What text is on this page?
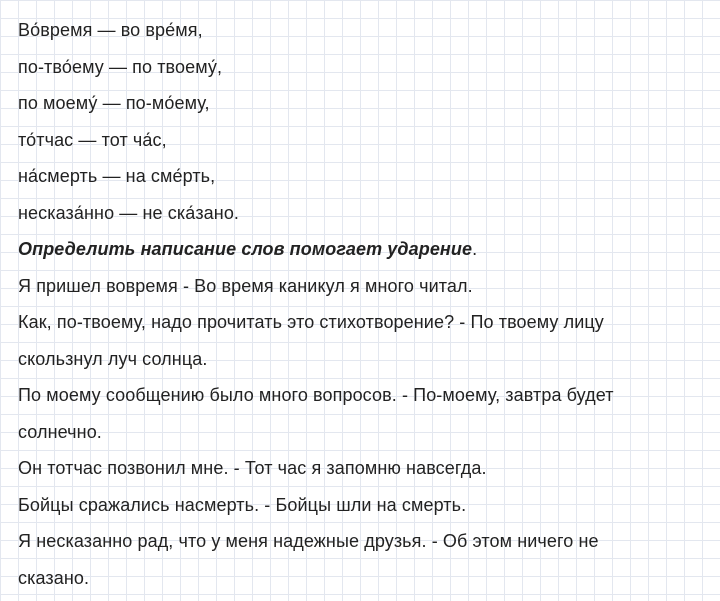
Во́время — во вре́мя,
по-тво́ему — по твоему́,
по моему́ — по-мо́ему,
то́тчас — тот ча́с,
на́смерть — на сме́рть,
несказа́нно — не ска́зано.
Определить написание слов помогает ударение.
Я пришел вовремя - Во время каникул я много читал.
Как, по-твоему, надо прочитать это стихотворение? - По твоему лицу
скользнул луч солнца.
По моему сообщению было много вопросов. - По-моему, завтра будет
солнечно.
Он тотчас позвонил мне. - Тот час я запомню навсегда.
Бойцы сражались насмерть. - Бойцы шли на смерть.
Я несказанно рад, что у меня надежные друзья. - Об этом ничего не
сказано.
